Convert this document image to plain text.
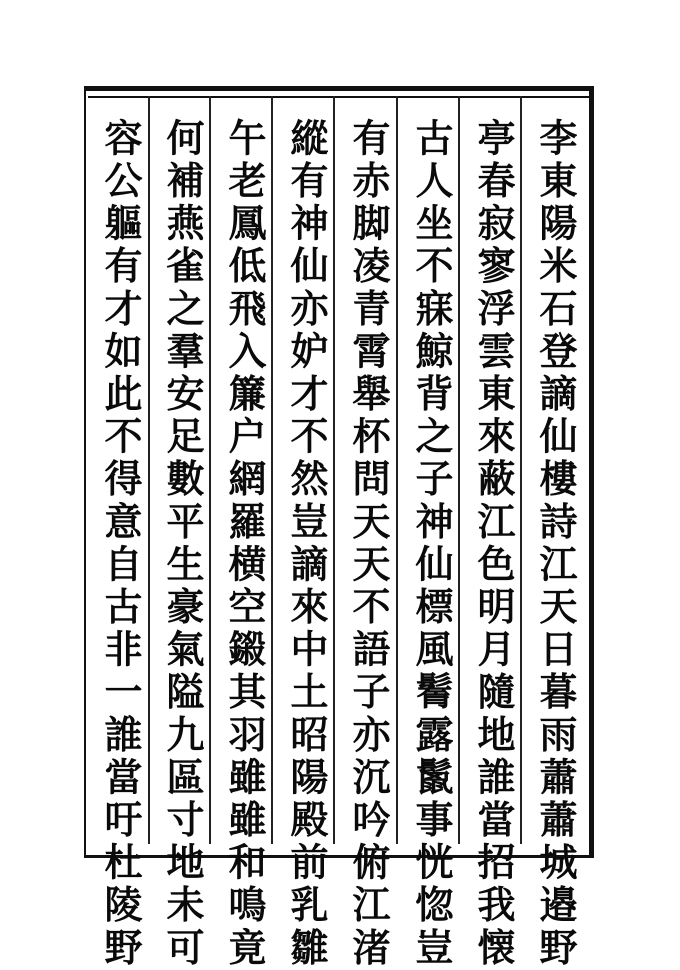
李東陽米石登謫仙樓詩江天日暮雨蕭蕭城邉野
亭春寂寥浮雲東來蔽江色明月隨地誰當招我懐
古人坐不寐鯨背之子神仙標風鬌露鬛事恍惚豈
有赤脚凌青霄舉杯問天天不語子亦沉吟俯江渚
縱有神仙亦妒才不然豈謫來中土昭陽殿前乳雛
午老鳳低飛入簾户網羅横空鎩其羽雖雖和鳴竟
何補燕雀之羣安足數平生豪氣隘九區寸地未可
容公軀有才如此不得意自古非一誰當吁杜陵野
